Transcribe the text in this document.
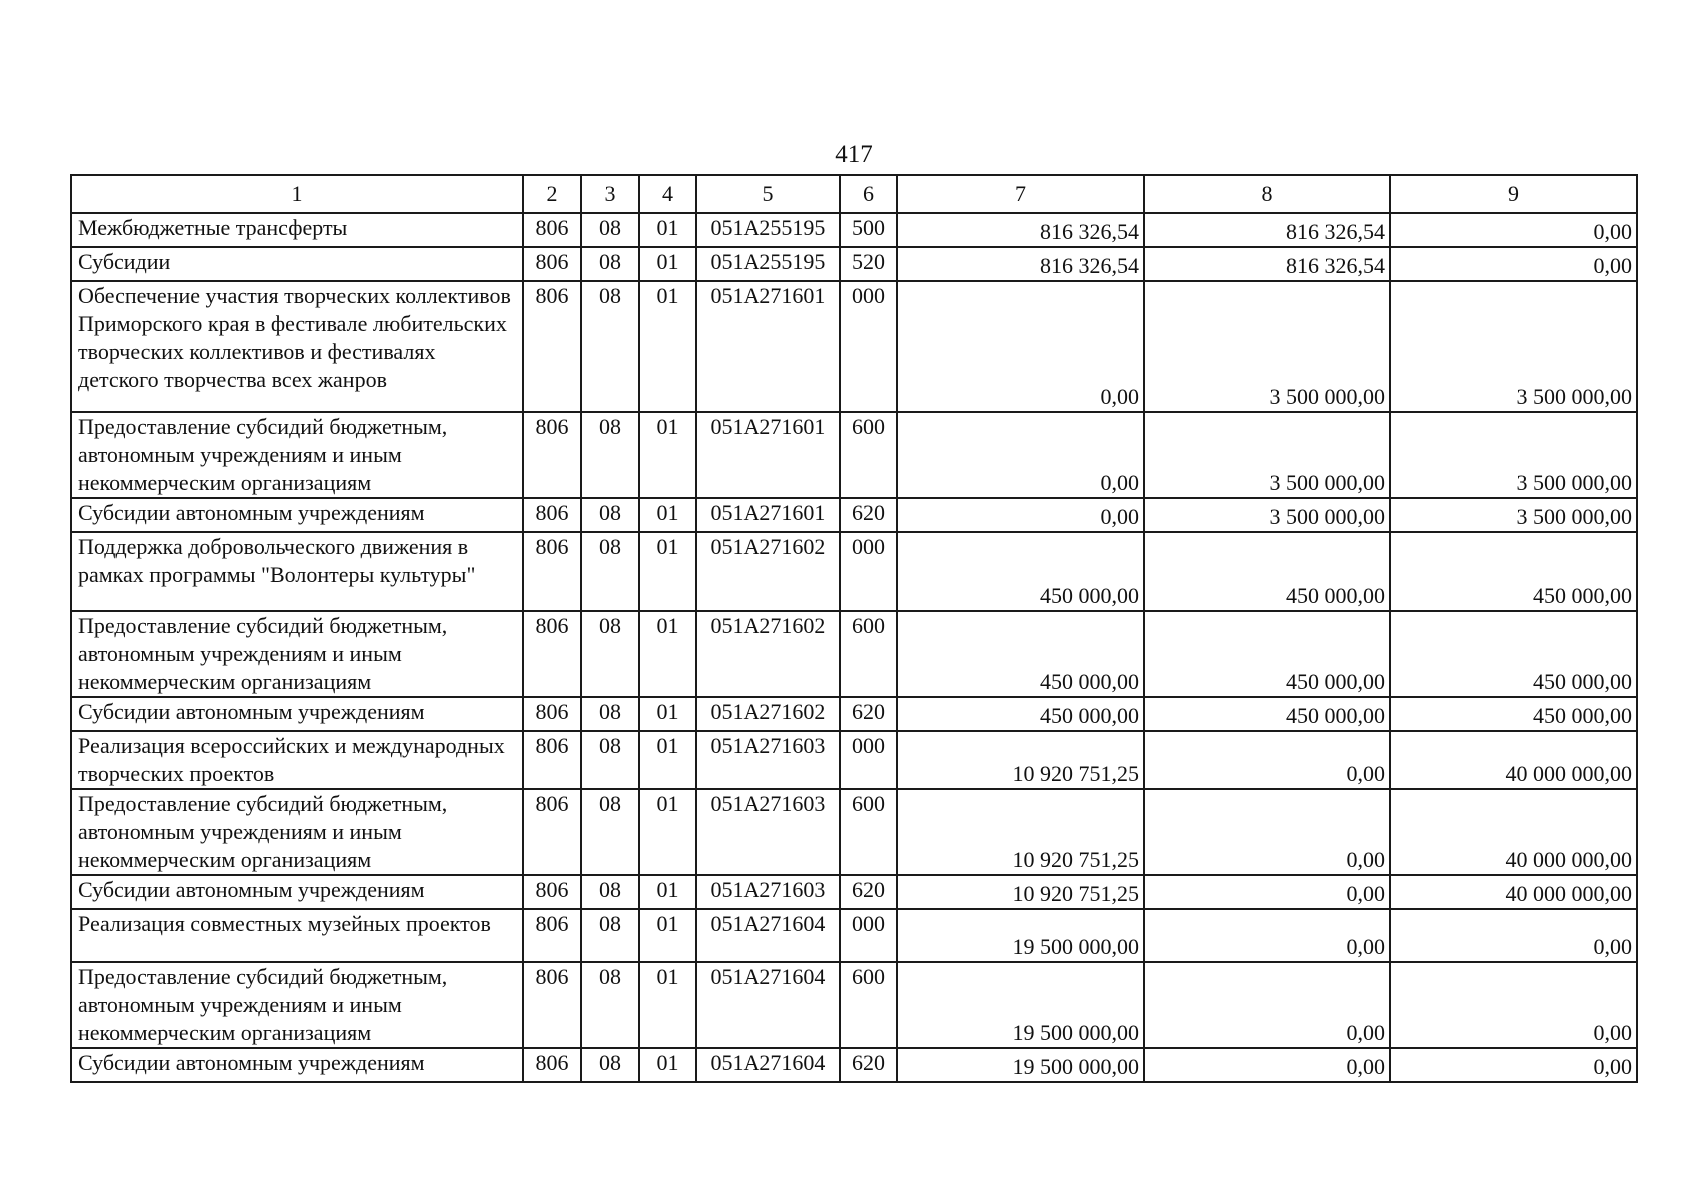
417
1	2	3	4	5	6	7	8	9
Межбюджетные трансферты	806	08	01	051A255195	500	816 326,54	816 326,54	0,00
Субсидии	806	08	01	051A255195	520	816 326,54	816 326,54	0,00
Обеспечение участия творческих коллективов Приморского края в фестивале любительских творческих коллективов и фестивалях детского творчества всех жанров	806	08	01	051A271601	000	0,00	3 500 000,00	3 500 000,00
Предоставление субсидий бюджетным, автономным учреждениям и иным некоммерческим организациям	806	08	01	051A271601	600	0,00	3 500 000,00	3 500 000,00
Субсидии автономным учреждениям	806	08	01	051A271601	620	0,00	3 500 000,00	3 500 000,00
Поддержка добровольческого движения в рамках программы "Волонтеры культуры"	806	08	01	051A271602	000	450 000,00	450 000,00	450 000,00
Предоставление субсидий бюджетным, автономным учреждениям и иным некоммерческим организациям	806	08	01	051A271602	600	450 000,00	450 000,00	450 000,00
Субсидии автономным учреждениям	806	08	01	051A271602	620	450 000,00	450 000,00	450 000,00
Реализация всероссийских и международных творческих проектов	806	08	01	051A271603	000	10 920 751,25	0,00	40 000 000,00
Предоставление субсидий бюджетным, автономным учреждениям и иным некоммерческим организациям	806	08	01	051A271603	600	10 920 751,25	0,00	40 000 000,00
Субсидии автономным учреждениям	806	08	01	051A271603	620	10 920 751,25	0,00	40 000 000,00
Реализация совместных музейных проектов	806	08	01	051A271604	000	19 500 000,00	0,00	0,00
Предоставление субсидий бюджетным, автономным учреждениям и иным некоммерческим организациям	806	08	01	051A271604	600	19 500 000,00	0,00	0,00
Субсидии автономным учреждениям	806	08	01	051A271604	620	19 500 000,00	0,00	0,00
